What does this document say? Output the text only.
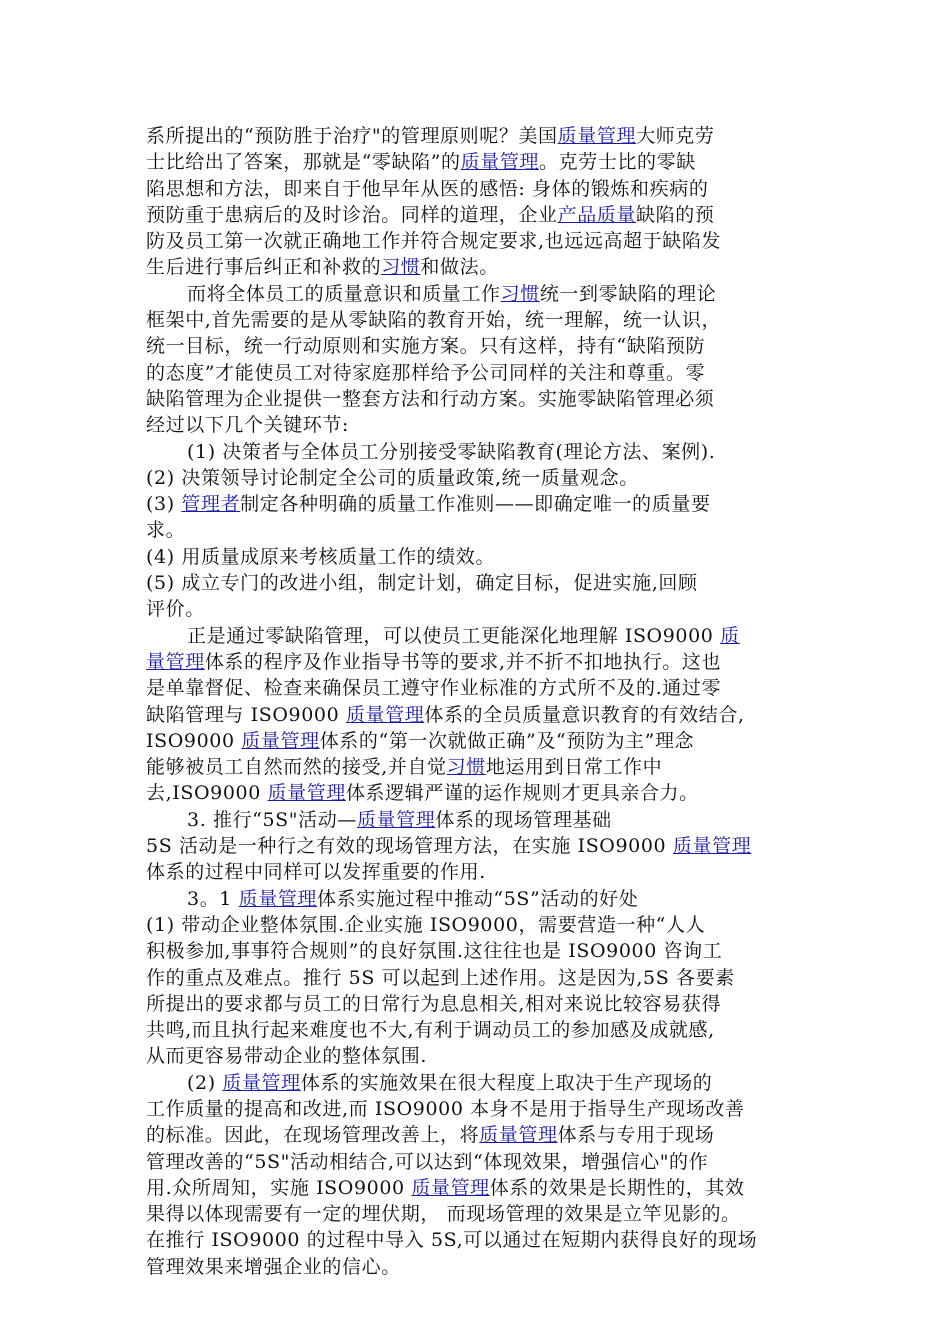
系所提出的“预防胜于治疗"的管理原则呢？美国质量管理大师克劳
士比给出了答案，那就是“零缺陷”的质量管理。克劳士比的零缺
陷思想和方法，即来自于他早年从医的感悟: 身体的锻炼和疾病的
预防重于患病后的及时诊治。同样的道理，企业产品质量缺陷的预
防及员工第一次就正确地工作并符合规定要求,也远远高超于缺陷发
生后进行事后纠正和补救的习惯和做法。
而将全体员工的质量意识和质量工作习惯统一到零缺陷的理论
框架中,首先需要的是从零缺陷的教育开始，统一理解，统一认识，
统一目标，统一行动原则和实施方案。只有这样，持有“缺陷预防
的态度”才能使员工对待家庭那样给予公司同样的关注和尊重。零
缺陷管理为企业提供一整套方法和行动方案。实施零缺陷管理必须
经过以下几个关键环节:
(1) 决策者与全体员工分别接受零缺陷教育(理论方法、案例).
(2) 决策领导讨论制定全公司的质量政策,统一质量观念。
(3) 管理者制定各种明确的质量工作准则——即确定唯一的质量要
求。
(4) 用质量成原来考核质量工作的绩效。
(5) 成立专门的改进小组，制定计划，确定目标，促进实施,回顾
评价。
正是通过零缺陷管理，可以使员工更能深化地理解 ISO9000 质
量管理体系的程序及作业指导书等的要求,并不折不扣地执行。这也
是单靠督促、检查来确保员工遵守作业标准的方式所不及的.通过零
缺陷管理与 ISO9000 质量管理体系的全员质量意识教育的有效结合,
ISO9000 质量管理体系的“第一次就做正确”及“预防为主”理念
能够被员工自然而然的接受,并自觉习惯地运用到日常工作中
去,ISO9000 质量管理体系逻辑严谨的运作规则才更具亲合力。
3. 推行“5S"活动—质量管理体系的现场管理基础
5S 活动是一种行之有效的现场管理方法，在实施 ISO9000 质量管理
体系的过程中同样可以发挥重要的作用.
3。1 质量管理体系实施过程中推动“5S”活动的好处
(1) 带动企业整体氛围.企业实施 ISO9000，需要营造一种“人人
积极参加,事事符合规则”的良好氛围.这往往也是 ISO9000 咨询工
作的重点及难点。推行 5S 可以起到上述作用。这是因为,5S 各要素
所提出的要求都与员工的日常行为息息相关,相对来说比较容易获得
共鸣,而且执行起来难度也不大,有利于调动员工的参加感及成就感,
从而更容易带动企业的整体氛围.
(2) 质量管理体系的实施效果在很大程度上取决于生产现场的
工作质量的提高和改进,而 ISO9000 本身不是用于指导生产现场改善
的标准。因此，在现场管理改善上，将质量管理体系与专用于现场
管理改善的“5S"活动相结合,可以达到“体现效果，增强信心"的作
用.众所周知，实施 ISO9000 质量管理体系的效果是长期性的，其效
果得以体现需要有一定的埋伏期， 而现场管理的效果是立竿见影的。
在推行 ISO9000 的过程中导入 5S,可以通过在短期内获得良好的现场
管理效果来增强企业的信心。
